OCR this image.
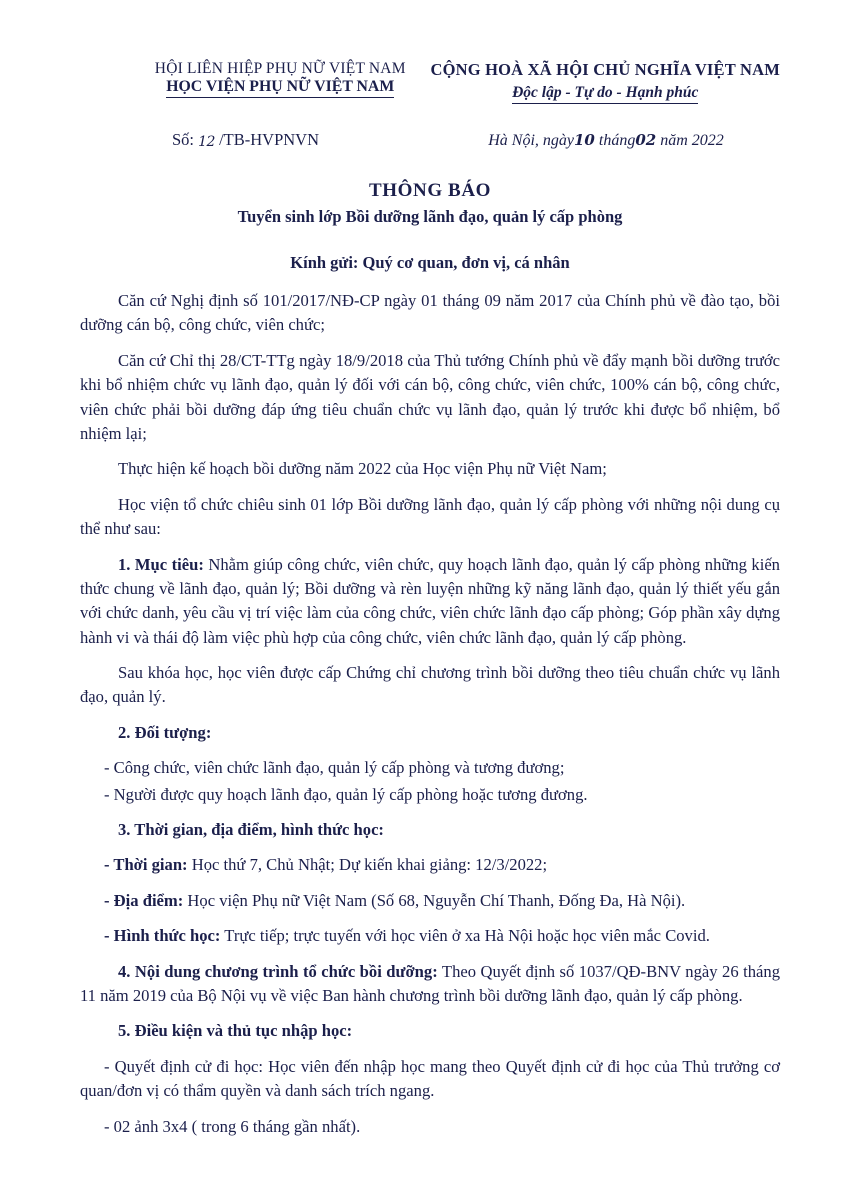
HỘI LIÊN HIỆP PHỤ NỮ VIỆT NAM
HỌC VIỆN PHỤ NỮ VIỆT NAM
CỘNG HOÀ XÃ HỘI CHỦ NGHĨA VIỆT NAM
Độc lập - Tự do - Hạnh phúc
Số: 12 /TB-HVPNVN	Hà Nội, ngày10 tháng02 năm 2022
THÔNG BÁO
Tuyển sinh lớp Bồi dưỡng lãnh đạo, quản lý cấp phòng
Kính gửi: Quý cơ quan, đơn vị, cá nhân

Căn cứ Nghị định số 101/2017/NĐ-CP ngày 01 tháng 09 năm 2017 của Chính phủ về đào tạo, bồi dưỡng cán bộ, công chức, viên chức;

Căn cứ Chỉ thị 28/CT-TTg ngày 18/9/2018 của Thủ tướng Chính phủ về đẩy mạnh bồi dưỡng trước khi bổ nhiệm chức vụ lãnh đạo, quản lý đối với cán bộ, công chức, viên chức, 100% cán bộ, công chức, viên chức phải bồi dưỡng đáp ứng tiêu chuẩn chức vụ lãnh đạo, quản lý trước khi được bổ nhiệm, bổ nhiệm lại;

Thực hiện kế hoạch bồi dưỡng năm 2022 của Học viện Phụ nữ Việt Nam;

Học viện tổ chức chiêu sinh 01 lớp Bồi dưỡng lãnh đạo, quản lý cấp phòng với những nội dung cụ thể như sau:

1. Mục tiêu: Nhằm giúp công chức, viên chức, quy hoạch lãnh đạo, quản lý cấp phòng những kiến thức chung về lãnh đạo, quản lý; Bồi dưỡng và rèn luyện những kỹ năng lãnh đạo, quản lý thiết yếu gắn với chức danh, yêu cầu vị trí việc làm của công chức, viên chức lãnh đạo cấp phòng; Góp phần xây dựng hành vi và thái độ làm việc phù hợp của công chức, viên chức lãnh đạo, quản lý cấp phòng.

Sau khóa học, học viên được cấp Chứng chỉ chương trình bồi dưỡng theo tiêu chuẩn chức vụ lãnh đạo, quản lý.

2. Đối tượng:

- Công chức, viên chức lãnh đạo, quản lý cấp phòng và tương đương;

- Người được quy hoạch lãnh đạo, quản lý cấp phòng hoặc tương đương.

3. Thời gian, địa điểm, hình thức học:

- Thời gian: Học thứ 7, Chủ Nhật; Dự kiến khai giảng: 12/3/2022;

- Địa điểm: Học viện Phụ nữ Việt Nam (Số 68, Nguyễn Chí Thanh, Đống Đa, Hà Nội).

- Hình thức học: Trực tiếp; trực tuyến với học viên ở xa Hà Nội hoặc học viên mắc Covid.

4. Nội dung chương trình tổ chức bồi dưỡng: Theo Quyết định số 1037/QĐ-BNV ngày 26 tháng 11 năm 2019 của Bộ Nội vụ về việc Ban hành chương trình bồi dưỡng lãnh đạo, quản lý cấp phòng.

5. Điều kiện và thủ tục nhập học:

- Quyết định cử đi học: Học viên đến nhập học mang theo Quyết định cử đi học của Thủ trưởng cơ quan/đơn vị có thẩm quyền và danh sách trích ngang.

- 02 ảnh 3x4 ( trong 6 tháng gần nhất).
